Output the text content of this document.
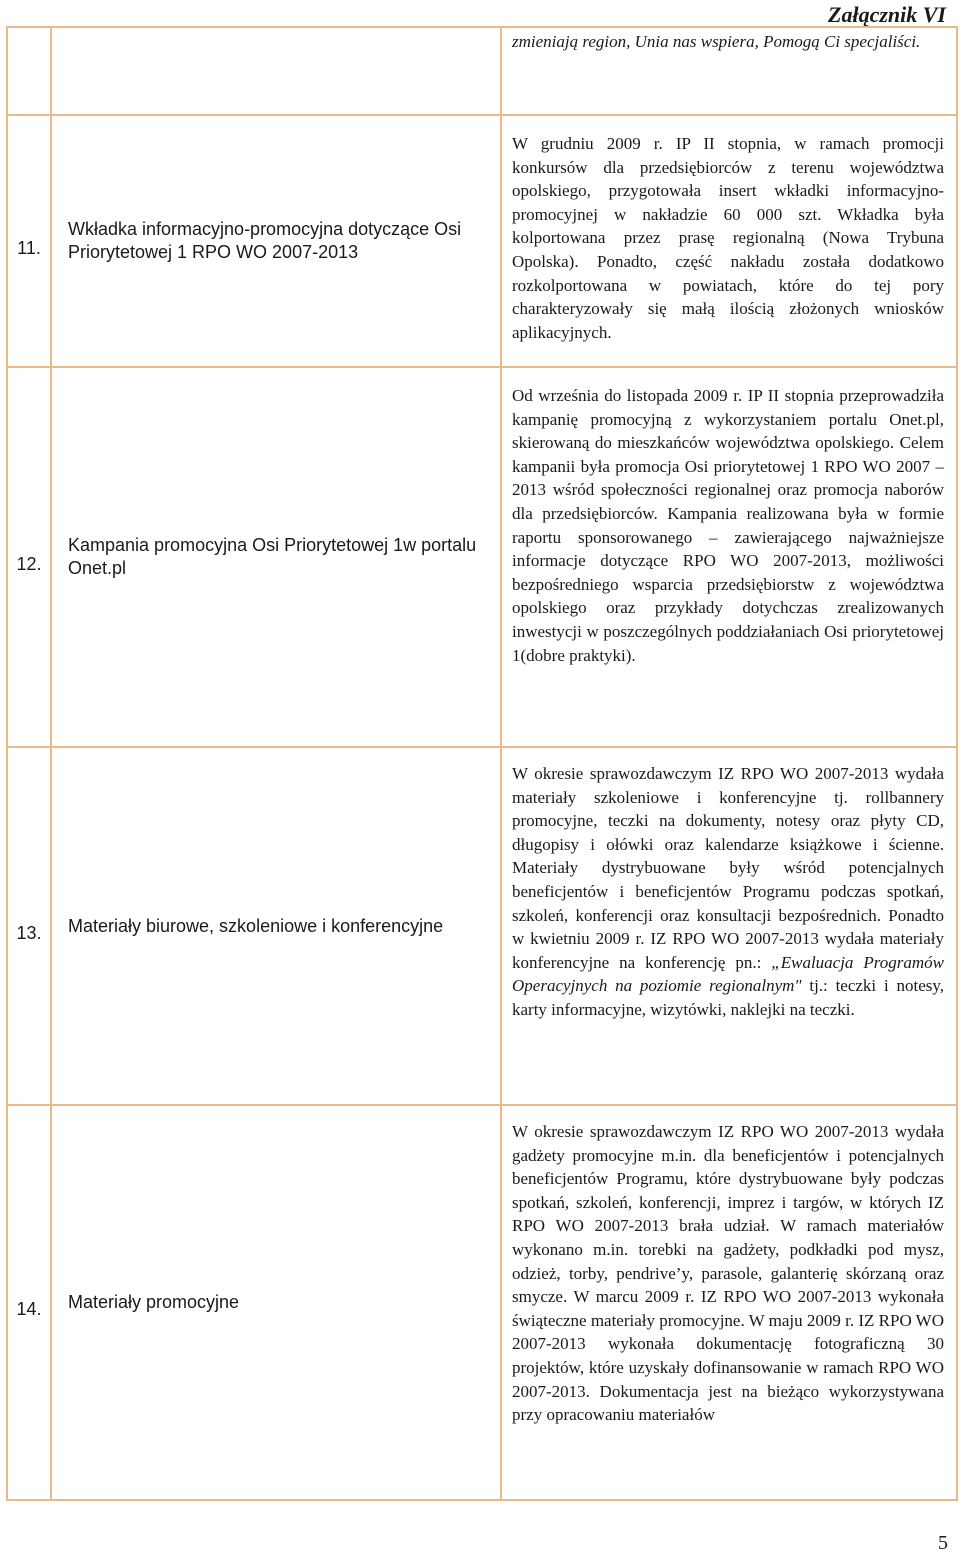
Załącznik VI
		zmieniają region, Unia nas wspiera, Pomogą Ci specjaliści.
11.	Wkładka informacyjno-promocyjna dotyczące Osi Priorytetowej 1 RPO WO 2007-2013	W grudniu 2009 r. IP II stopnia, w ramach promocji konkursów dla przedsiębiorców z terenu województwa opolskiego, przygotowała insert wkładki informacyjno-promocyjnej w nakładzie 60 000 szt. Wkładka była kolportowana przez prasę regionalną (Nowa Trybuna Opolska). Ponadto, część nakładu została dodatkowo rozkolportowana w powiatach, które do tej pory charakteryzowały się małą ilością złożonych wniosków aplikacyjnych.
12.	Kampania promocyjna Osi Priorytetowej 1w portalu Onet.pl	Od września do listopada 2009 r. IP II stopnia przeprowadziła kampanię promocyjną z wykorzystaniem portalu Onet.pl, skierowaną do mieszkańców województwa opolskiego. Celem kampanii była promocja Osi priorytetowej 1 RPO WO 2007 – 2013 wśród społeczności regionalnej oraz promocja naborów dla przedsiębiorców. Kampania realizowana była w formie raportu sponsorowanego – zawierającego najważniejsze informacje dotyczące RPO WO 2007-2013, możliwości bezpośredniego wsparcia przedsiębiorstw z województwa opolskiego oraz przykłady dotychczas zrealizowanych inwestycji w poszczególnych poddziałaniach Osi priorytetowej 1(dobre praktyki).
13.	Materiały biurowe, szkoleniowe i konferencyjne	W okresie sprawozdawczym IZ RPO WO 2007-2013 wydała materiały szkoleniowe i konferencyjne tj. rollbannery promocyjne, teczki na dokumenty, notesy oraz płyty CD, długopisy i ołówki oraz kalendarze książkowe i ścienne. Materiały dystrybuowane były wśród potencjalnych beneficjentów i beneficjentów Programu podczas spotkań, szkoleń, konferencji oraz konsultacji bezpośrednich. Ponadto w kwietniu 2009 r. IZ RPO WO 2007-2013 wydała materiały konferencyjne na konferencję pn.: „Ewaluacja Programów Operacyjnych na poziomie regionalnym" tj.: teczki i notesy, karty informacyjne, wizytówki, naklejki na teczki.
14.	Materiały promocyjne	W okresie sprawozdawczym IZ RPO WO 2007-2013 wydała gadżety promocyjne m.in. dla beneficjentów i potencjalnych beneficjentów Programu, które dystrybuowane były podczas spotkań, szkoleń, konferencji, imprez i targów, w których IZ RPO WO 2007-2013 brała udział. W ramach materiałów wykonano m.in. torebki na gadżety, podkładki pod mysz, odzież, torby, pendrive’y, parasole, galanterię skórzaną oraz smycze. W marcu 2009 r. IZ RPO WO 2007-2013 wykonała świąteczne materiały promocyjne. W maju 2009 r. IZ RPO WO 2007-2013 wykonała dokumentację fotograficzną 30 projektów, które uzyskały dofinansowanie w ramach RPO WO 2007-2013. Dokumentacja jest na bieżąco wykorzystywana przy opracowaniu materiałów
5
